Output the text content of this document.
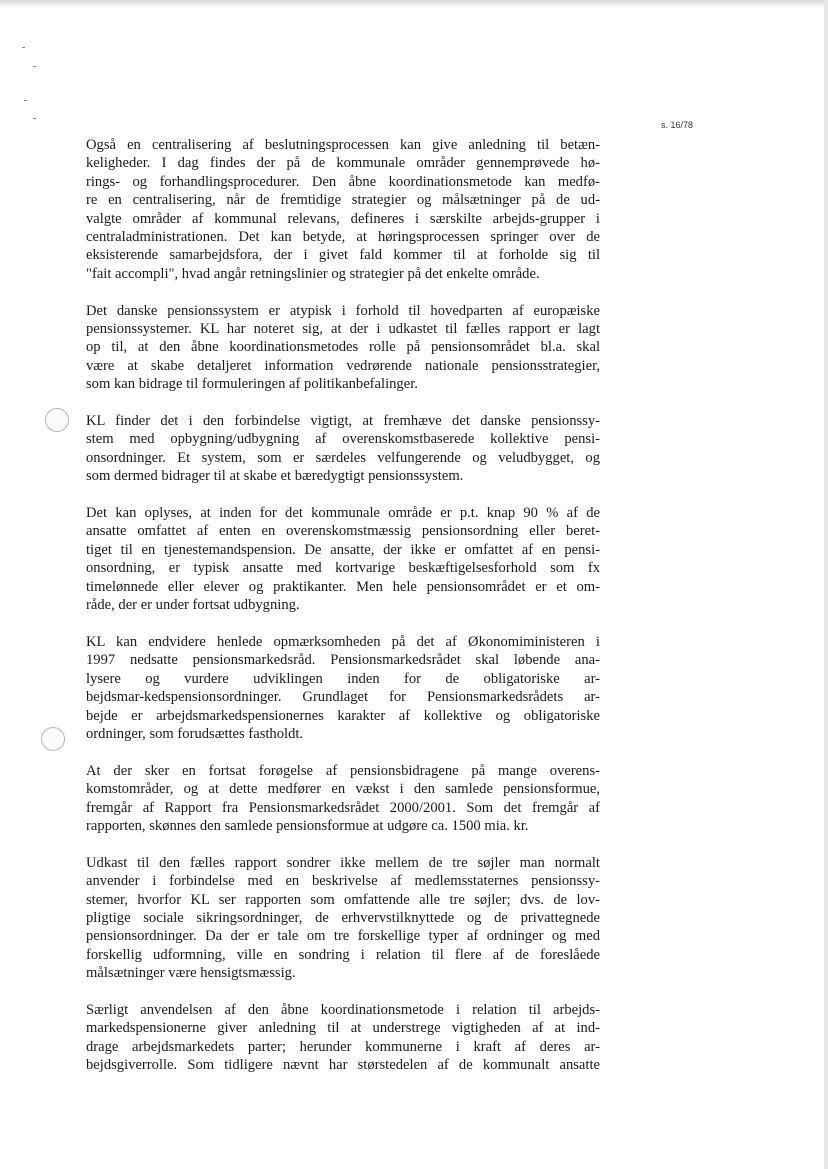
s. 16/78

Også en centralisering af beslutningsprocessen kan give anledning til betæn-
keligheder. I dag findes der på de kommunale områder gennemprøvede hø-
rings- og forhandlingsprocedurer. Den åbne koordinationsmetode kan medfø-
re en centralisering, når de fremtidige strategier og målsætninger på de ud-
valgte områder af kommunal relevans, defineres i særskilte arbejds-grupper i
centraladministrationen. Det kan betyde, at høringsprocessen springer over de
eksisterende samarbejdsfora, der i givet fald kommer til at forholde sig til
"fait accompli", hvad angår retningslinier og strategier på det enkelte område.

Det danske pensionssystem er atypisk i forhold til hovedparten af europæiske
pensionssystemer. KL har noteret sig, at der i udkastet til fælles rapport er lagt
op til, at den åbne koordinationsmetodes rolle på pensionsområdet bl.a. skal
være at skabe detaljeret information vedrørende nationale pensionsstrategier,
som kan bidrage til formuleringen af politikanbefalinger.

KL finder det i den forbindelse vigtigt, at fremhæve det danske pensionssy-
stem med opbygning/udbygning af overenskomstbaserede kollektive pensi-
onsordninger. Et system, som er særdeles velfungerende og veludbygget, og
som dermed bidrager til at skabe et bæredygtigt pensionssystem.

Det kan oplyses, at inden for det kommunale område er p.t. knap 90 % af de
ansatte omfattet af enten en overenskomstmæssig pensionsordning eller beret-
tiget til en tjenestemandspension. De ansatte, der ikke er omfattet af en pensi-
onsordning, er typisk ansatte med kortvarige beskæftigelsesforhold som fx
timelønnede eller elever og praktikanter. Men hele pensionsområdet er et om-
råde, der er under fortsat udbygning.

KL kan endvidere henlede opmærksomheden på det af Økonomiministeren i
1997 nedsatte pensionsmarkedsråd. Pensionsmarkedsrådet skal løbende ana-
lysere og vurdere udviklingen inden for de obligatoriske ar-
bejdsmar-kedspensionsordninger. Grundlaget for Pensionsmarkedsrådets ar-
bejde er arbejdsmarkedspensionernes karakter af kollektive og obligatoriske
ordninger, som forudsættes fastholdt.

At der sker en fortsat forøgelse af pensionsbidragene på mange overens-
komstområder, og at dette medfører en vækst i den samlede pensionsformue,
fremgår af Rapport fra Pensionsmarkedsrådet 2000/2001. Som det fremgår af
rapporten, skønnes den samlede pensionsformue at udgøre ca. 1500 mia. kr.

Udkast til den fælles rapport sondrer ikke mellem de tre søjler man normalt
anvender i forbindelse med en beskrivelse af medlemsstaternes pensionssy-
stemer, hvorfor KL ser rapporten som omfattende alle tre søjler; dvs. de lov-
pligtige sociale sikringsordninger, de erhvervstilknyttede og de privattegnede
pensionsordninger. Da der er tale om tre forskellige typer af ordninger og med
forskellig udformning, ville en sondring i relation til flere af de foreslåede
målsætninger være hensigtsmæssig.

Særligt anvendelsen af den åbne koordinationsmetode i relation til arbejds-
markedspensionerne giver anledning til at understrege vigtigheden af at ind-
drage arbejdsmarkedets parter; herunder kommunerne i kraft af deres ar-
bejdsgiverrolle. Som tidligere nævnt har størstedelen af de kommunalt ansatte
